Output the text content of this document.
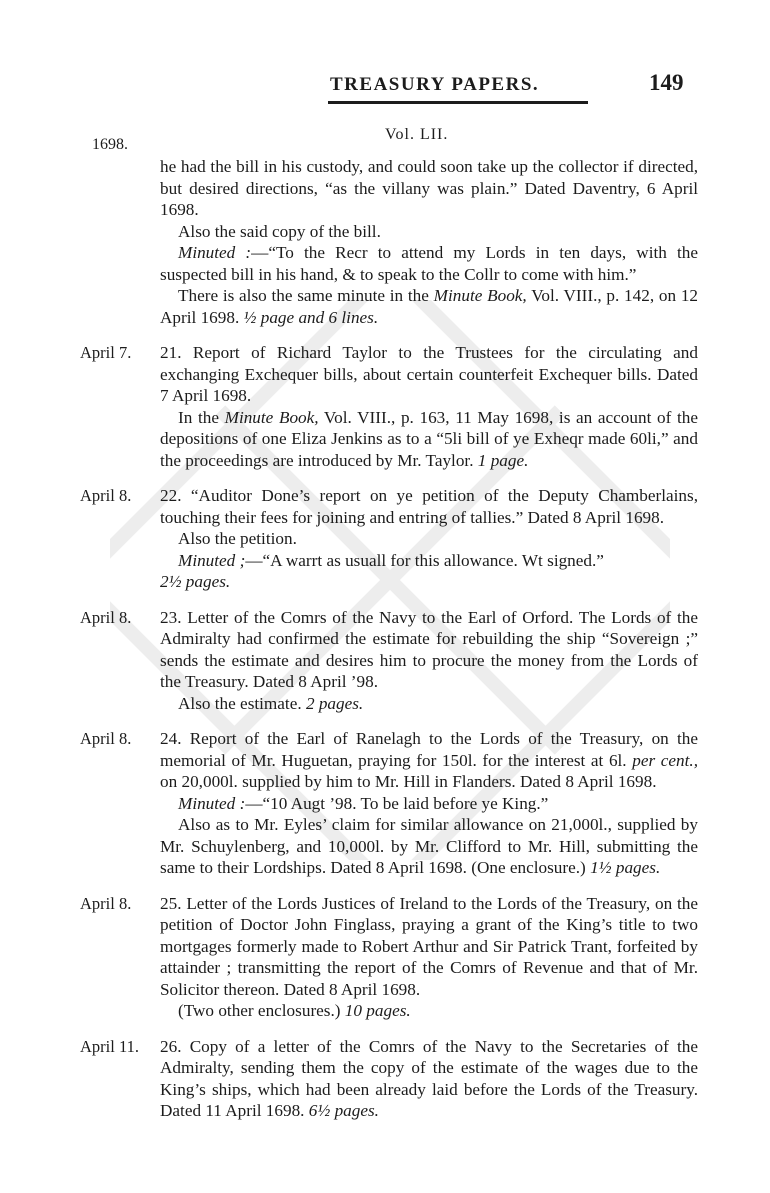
TREASURY PAPERS.	149
1698.
Vol. LII.

he had the bill in his custody, and could soon take up the collector if directed, but desired directions, “as the villany was plain.” Dated Daventry, 6 April 1698.

Also the said copy of the bill.

Minuted :—“To the Recr to attend my Lords in ten days, with the suspected bill in his hand, & to speak to the Collr to come with him.”

There is also the same minute in the Minute Book, Vol. VIII., p. 142, on 12 April 1698. ½ page and 6 lines.

April 7. 21. Report of Richard Taylor to the Trustees for the circulating and exchanging Exchequer bills, about certain counterfeit Exchequer bills. Dated 7 April 1698.

In the Minute Book, Vol. VIII., p. 163, 11 May 1698, is an account of the depositions of one Eliza Jenkins as to a “5li bill of ye Exheqr made 60li,” and the proceedings are introduced by Mr. Taylor. 1 page.

April 8. 22. “Auditor Done’s report on ye petition of the Deputy Chamberlains, touching their fees for joining and entring of tallies.” Dated 8 April 1698.

Also the petition.

Minuted ;—“A warrt as usuall for this allowance. Wt signed.”

2½ pages.

April 8. 23. Letter of the Comrs of the Navy to the Earl of Orford. The Lords of the Admiralty had confirmed the estimate for rebuilding the ship “Sovereign ;” sends the estimate and desires him to procure the money from the Lords of the Treasury. Dated 8 April ’98.

Also the estimate. 2 pages.

April 8. 24. Report of the Earl of Ranelagh to the Lords of the Treasury, on the memorial of Mr. Huguetan, praying for 150l. for the interest at 6l. per cent., on 20,000l. supplied by him to Mr. Hill in Flanders. Dated 8 April 1698.

Minuted :—“10 Augt ’98. To be laid before ye King.”

Also as to Mr. Eyles’ claim for similar allowance on 21,000l., supplied by Mr. Schuylenberg, and 10,000l. by Mr. Clifford to Mr. Hill, submitting the same to their Lordships. Dated 8 April 1698. (One enclosure.) 1½ pages.

April 8. 25. Letter of the Lords Justices of Ireland to the Lords of the Treasury, on the petition of Doctor John Finglass, praying a grant of the King’s title to two mortgages formerly made to Robert Arthur and Sir Patrick Trant, forfeited by attainder ; transmitting the report of the Comrs of Revenue and that of Mr. Solicitor thereon. Dated 8 April 1698.

(Two other enclosures.) 10 pages.

April 11. 26. Copy of a letter of the Comrs of the Navy to the Secretaries of the Admiralty, sending them the copy of the estimate of the wages due to the King’s ships, which had been already laid before the Lords of the Treasury. Dated 11 April 1698. 6½ pages.
